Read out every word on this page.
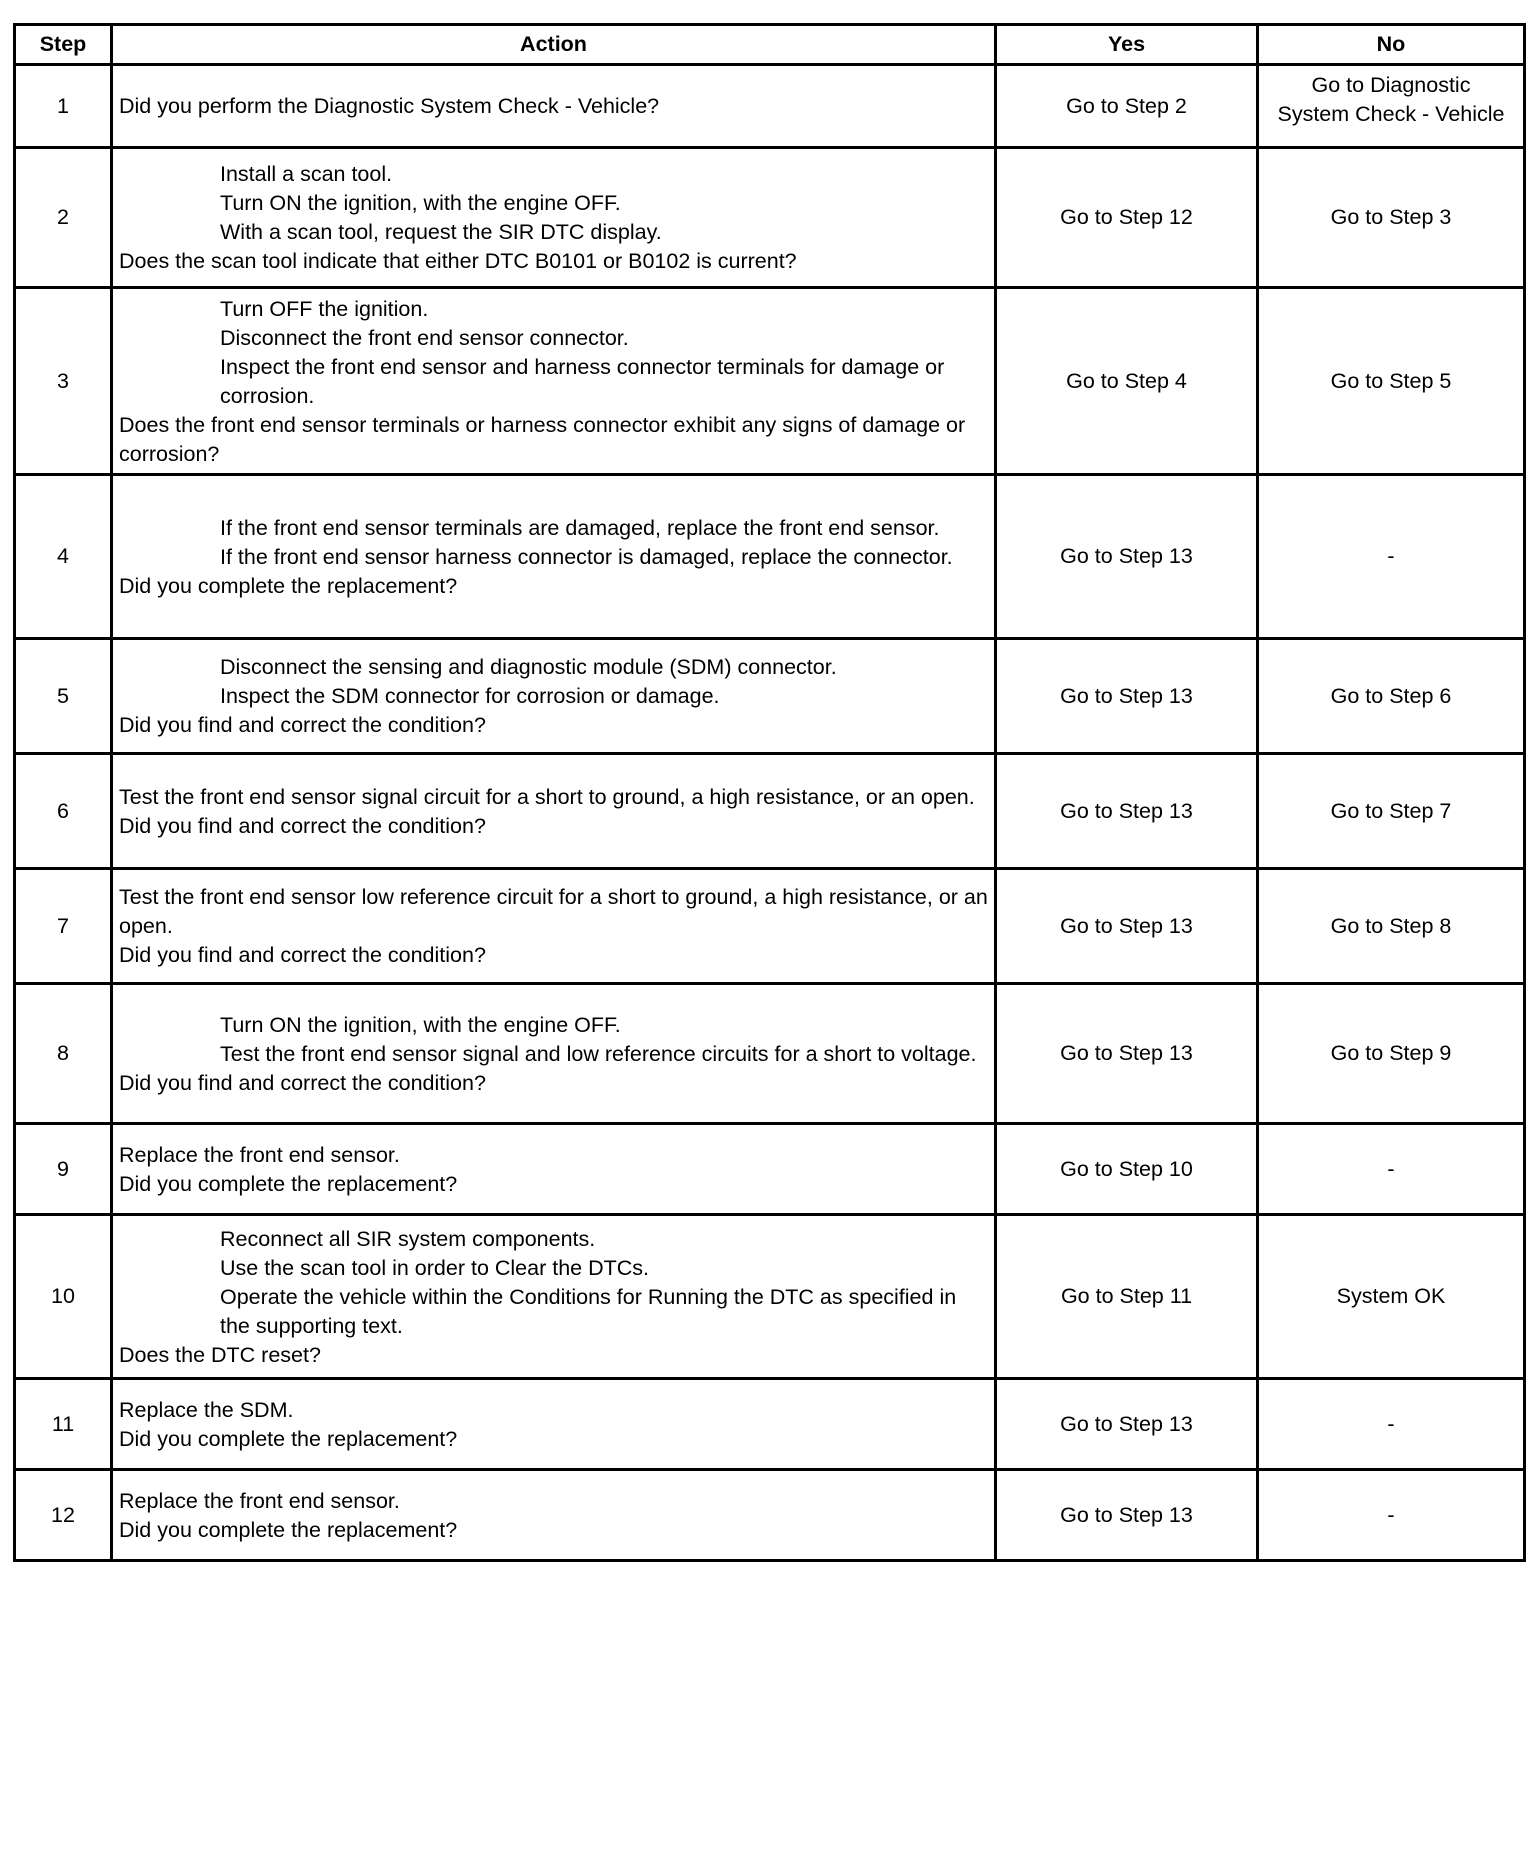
Step	Action	Yes	No
1	Did you perform the Diagnostic System Check - Vehicle?	Go to Step 2	Go to Diagnostic System Check - Vehicle
2	Install a scan tool.
Turn ON the ignition, with the engine OFF.
With a scan tool, request the SIR DTC display.
Does the scan tool indicate that either DTC B0101 or B0102 is current?	Go to Step 12	Go to Step 3
3	Turn OFF the ignition.
Disconnect the front end sensor connector.
Inspect the front end sensor and harness connector terminals for damage or corrosion.
Does the front end sensor terminals or harness connector exhibit any signs of damage or corrosion?	Go to Step 4	Go to Step 5
4	If the front end sensor terminals are damaged, replace the front end sensor.
If the front end sensor harness connector is damaged, replace the connector.
Did you complete the replacement?	Go to Step 13	-
5	Disconnect the sensing and diagnostic module (SDM) connector.
Inspect the SDM connector for corrosion or damage.
Did you find and correct the condition?	Go to Step 13	Go to Step 6
6	Test the front end sensor signal circuit for a short to ground, a high resistance, or an open.
Did you find and correct the condition?	Go to Step 13	Go to Step 7
7	Test the front end sensor low reference circuit for a short to ground, a high resistance, or an open.
Did you find and correct the condition?	Go to Step 13	Go to Step 8
8	Turn ON the ignition, with the engine OFF.
Test the front end sensor signal and low reference circuits for a short to voltage.
Did you find and correct the condition?	Go to Step 13	Go to Step 9
9	Replace the front end sensor.
Did you complete the replacement?	Go to Step 10	-
10	Reconnect all SIR system components.
Use the scan tool in order to Clear the DTCs.
Operate the vehicle within the Conditions for Running the DTC as specified in the supporting text.
Does the DTC reset?	Go to Step 11	System OK
11	Replace the SDM.
Did you complete the replacement?	Go to Step 13	-
12	Replace the front end sensor.
Did you complete the replacement?	Go to Step 13	-
